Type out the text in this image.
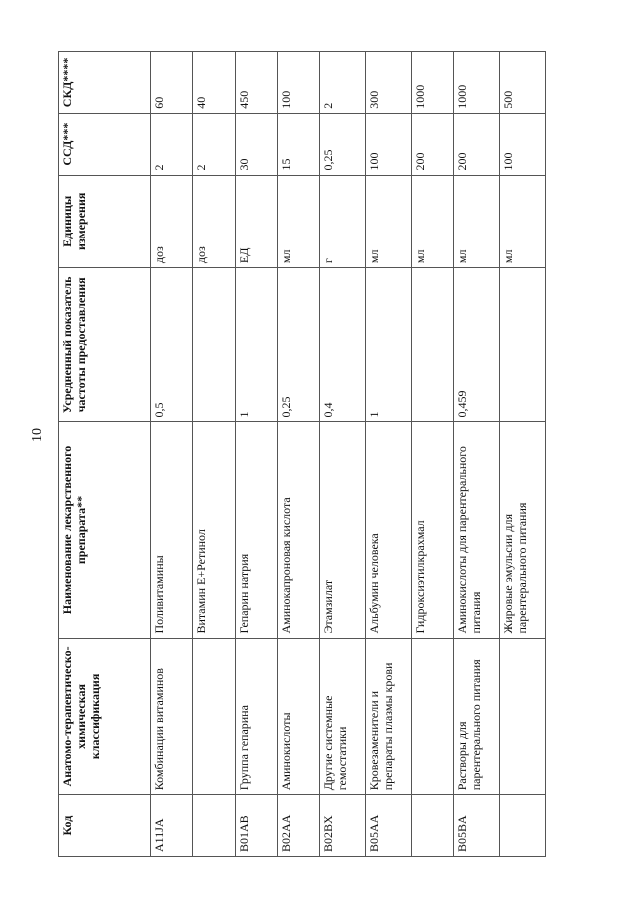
10
Код	Анатомо-терапевтическо-химическая классификация	Наименование лекарственного препарата**	Усредненный показатель частоты предоставления	Единицы измерения	ССД***	СКД****
A11JA	Комбинации витаминов	Поливитамины	0,5	доз	2	60
		Витамин Е+Ретинол		доз	2	40
B01AB	Группа гепарина	Гепарин натрия	1	ЕД	30	450
B02AA	Аминокислоты	Аминокапроновая кислота	0,25	мл	15	100
B02BX	Другие системные гемостатики	Этамзилат	0,4	г	0,25	2
B05AA	Кровезаменители и препараты плазмы крови	Альбумин человека	1	мл	100	300
		Гидроксиэтилкрахмал		мл	200	1000
B05BA	Растворы для парентерального питания	Аминокислоты для парентерального питания	0,459	мл	200	1000
		Жировые эмульсии для парентерального питания		мл	100	500
